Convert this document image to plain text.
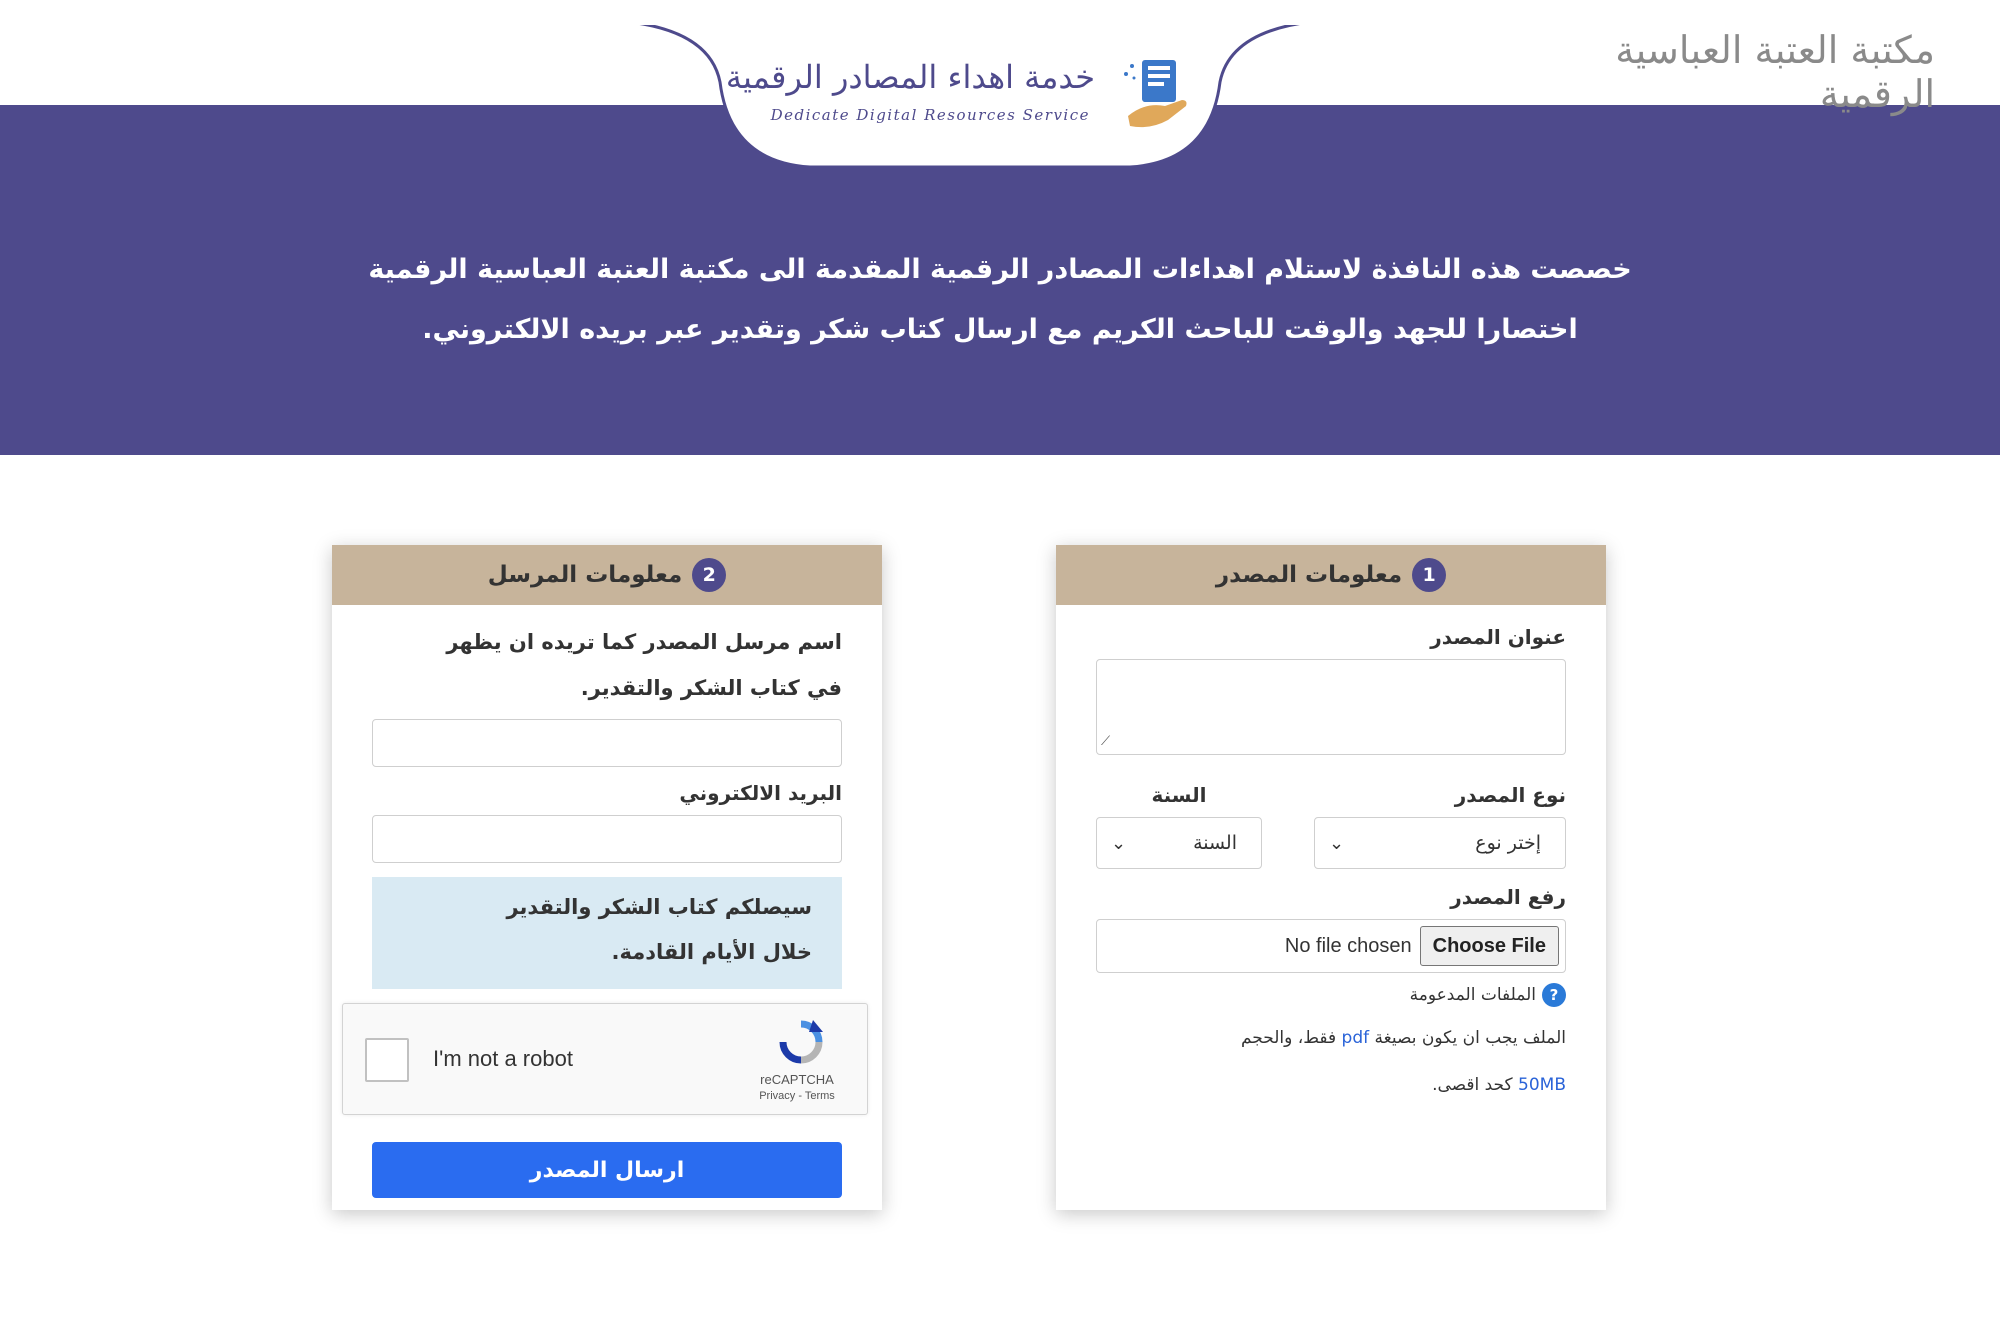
مكتبة العتبة العباسية الرقمية
خدمة اهداء المصادر الرقمية
Dedicate Digital Resources Service
خصصت هذه النافذة لاستلام اهداءات المصادر الرقمية المقدمة الى مكتبة العتبة العباسية الرقمية
اختصارا للجهد والوقت للباحث الكريم مع ارسال كتاب شكر وتقدير عبر بريده الالكتروني.
1
معلومات المصدر
عنوان المصدر
⟋
نوع المصدر
إختر نوع
⌄
السنة
السنة
⌄
رفع المصدر
Choose File
No file chosen
?
الملفات المدعومة
الملف يجب ان يكون بصيغة pdf فقط، والحجم
50MB كحد اقصى.
2
معلومات المرسل
اسم مرسل المصدر كما تريده ان يظهر
في كتاب الشكر والتقدير.
البريد الالكتروني
سيصلكم كتاب الشكر والتقدير
خلال الأيام القادمة.
I'm not a robot
reCAPTCHA
Privacy - Terms
ارسال المصدر
